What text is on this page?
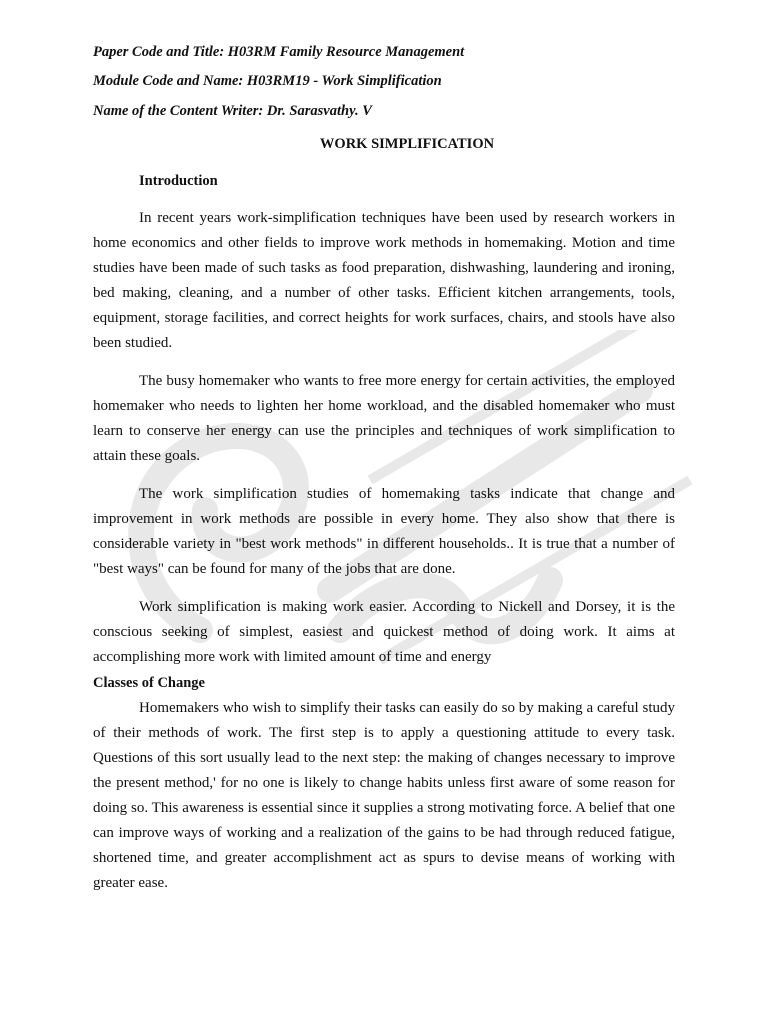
Paper Code and Title: H03RM Family Resource Management
Module Code and Name: H03RM19 - Work Simplification
Name of the Content Writer: Dr. Sarasvathy. V
WORK SIMPLIFICATION
Introduction

In recent years work-simplification techniques have been used by research workers in home economics and other fields to improve work methods in homemaking. Motion and time studies have been made of such tasks as food preparation, dishwashing, laundering and ironing, bed making, cleaning, and a number of other tasks. Efficient kitchen arrangements, tools, equipment, storage facilities, and correct heights for work surfaces, chairs, and stools have also been studied.

The busy homemaker who wants to free more energy for certain activities, the employed homemaker who needs to lighten her home workload, and the disabled homemaker who must learn to conserve her energy can use the principles and techniques of work simplification to attain these goals.

The work simplification studies of homemaking tasks indicate that change and improvement in work methods are possible in every home. They also show that there is considerable variety in "best work methods" in different households.. It is true that a number of "best ways" can be found for many of the jobs that are done.

Work simplification is making work easier. According to Nickell and Dorsey, it is the conscious seeking of simplest, easiest and quickest method of doing work. It aims at accomplishing more work with limited amount of time and energy

Classes of Change

Homemakers who wish to simplify their tasks can easily do so by making a careful study of their methods of work. The first step is to apply a questioning attitude to every task. Questions of this sort usually lead to the next step: the making of changes necessary to improve the present method,' for no one is likely to change habits unless first aware of some reason for doing so. This awareness is essential since it supplies a strong motivating force. A belief that one can improve ways of working and a realization of the gains to be had through reduced fatigue, shortened time, and greater accomplishment act as spurs to devise means of working with greater ease.
